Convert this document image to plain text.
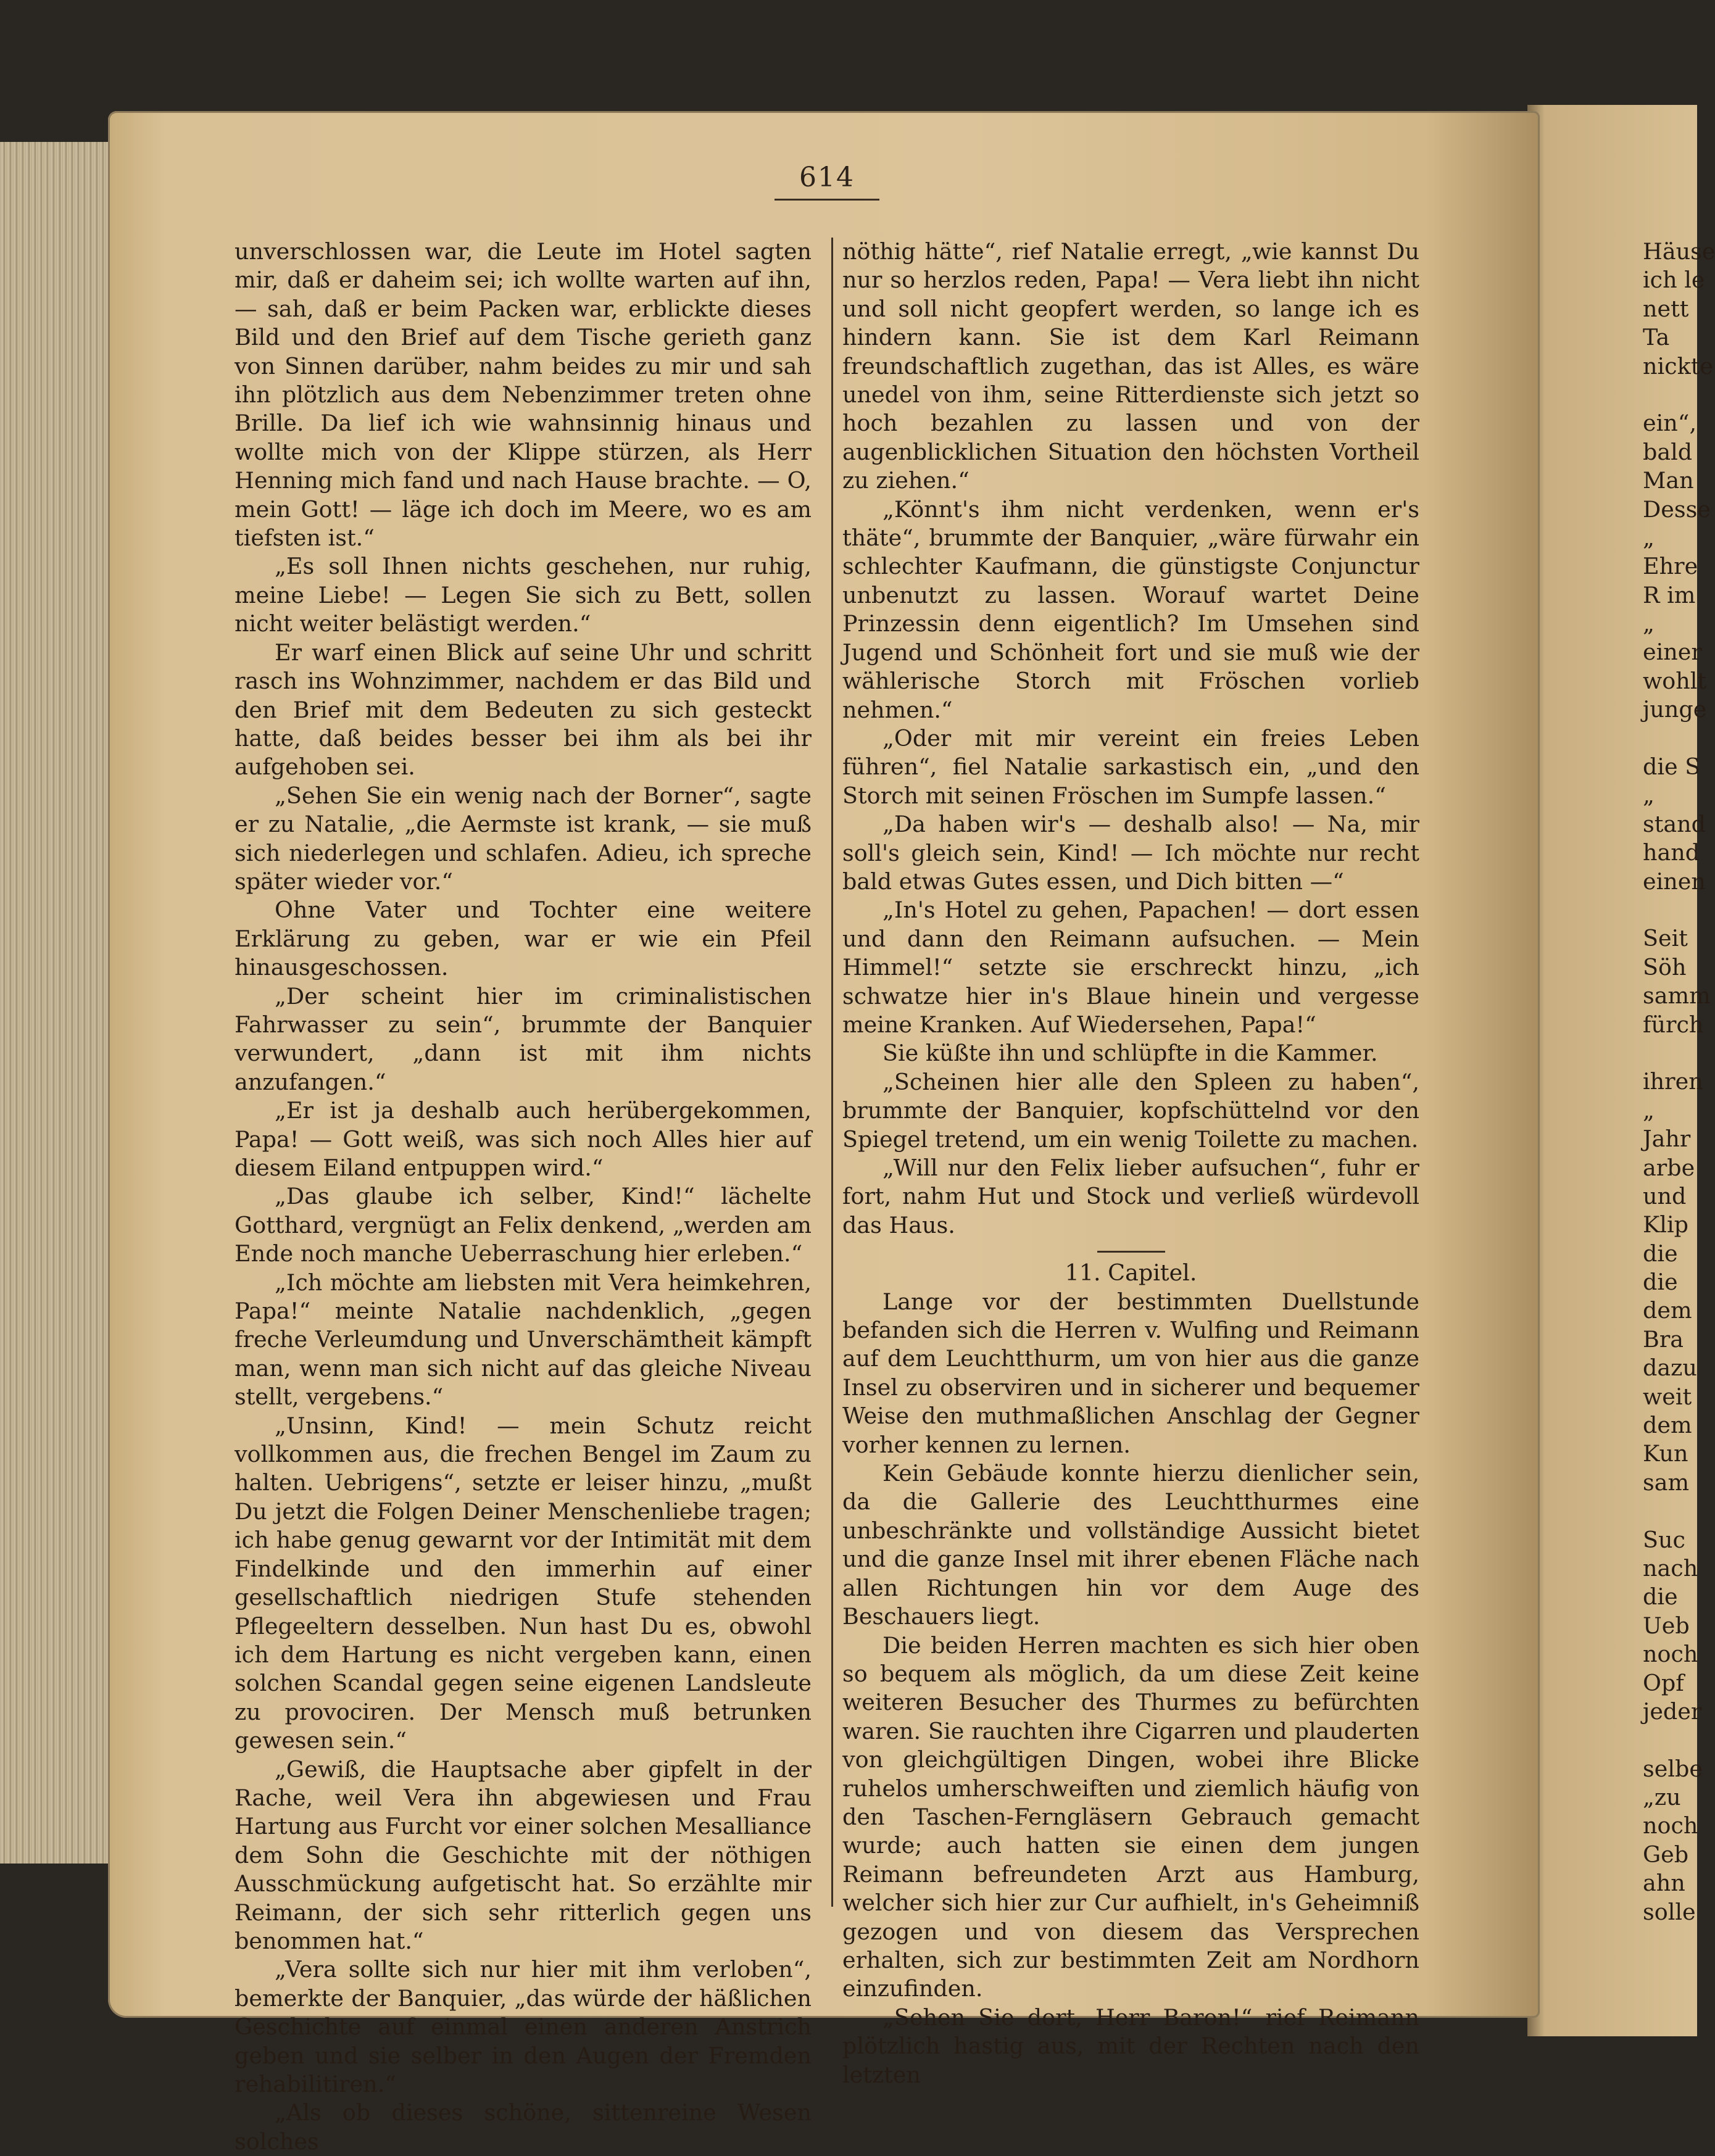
614

unverschlossen war, die Leute im Hotel sagten mir, daß er daheim sei; ich wollte warten auf ihn, — sah, daß er beim Packen war, erblickte dieses Bild und den Brief auf dem Tische gerieth ganz von Sinnen darüber, nahm beides zu mir und sah ihn plötzlich aus dem Nebenzimmer treten ohne Brille. Da lief ich wie wahnsinnig hinaus und wollte mich von der Klippe stürzen, als Herr Henning mich fand und nach Hause brachte. — O, mein Gott! — läge ich doch im Meere, wo es am tiefsten ist.“

„Es soll Ihnen nichts geschehen, nur ruhig, meine Liebe! — Legen Sie sich zu Bett, sollen nicht weiter belästigt werden.“

Er warf einen Blick auf seine Uhr und schritt rasch ins Wohnzimmer, nachdem er das Bild und den Brief mit dem Bedeuten zu sich gesteckt hatte, daß beides besser bei ihm als bei ihr aufgehoben sei.

„Sehen Sie ein wenig nach der Borner“, sagte er zu Natalie, „die Aermste ist krank, — sie muß sich niederlegen und schlafen. Adieu, ich spreche später wieder vor.“

Ohne Vater und Tochter eine weitere Erklärung zu geben, war er wie ein Pfeil hinausgeschossen.

„Der scheint hier im criminalistischen Fahrwasser zu sein“, brummte der Banquier verwundert, „dann ist mit ihm nichts anzufangen.“

„Er ist ja deshalb auch herübergekommen, Papa! — Gott weiß, was sich noch Alles hier auf diesem Eiland entpuppen wird.“

„Das glaube ich selber, Kind!“ lächelte Gotthard, vergnügt an Felix denkend, „werden am Ende noch manche Ueberraschung hier erleben.“

„Ich möchte am liebsten mit Vera heimkehren, Papa!“ meinte Natalie nachdenklich, „gegen freche Verleumdung und Unverschämtheit kämpft man, wenn man sich nicht auf das gleiche Niveau stellt, vergebens.“

„Unsinn, Kind! — mein Schutz reicht vollkommen aus, die frechen Bengel im Zaum zu halten. Uebrigens“, setzte er leiser hinzu, „mußt Du jetzt die Folgen Deiner Menschenliebe tragen; ich habe genug gewarnt vor der Intimität mit dem Findelkinde und den immerhin auf einer gesellschaftlich niedrigen Stufe stehenden Pflegeeltern desselben. Nun hast Du es, obwohl ich dem Hartung es nicht vergeben kann, einen solchen Scandal gegen seine eigenen Landsleute zu provociren. Der Mensch muß betrunken gewesen sein.“

„Gewiß, die Hauptsache aber gipfelt in der Rache, weil Vera ihn abgewiesen und Frau Hartung aus Furcht vor einer solchen Mesalliance dem Sohn die Geschichte mit der nöthigen Ausschmückung aufgetischt hat. So erzählte mir Reimann, der sich sehr ritterlich gegen uns benommen hat.“

„Vera sollte sich nur hier mit ihm verloben“, bemerkte der Banquier, „das würde der häßlichen Geschichte auf einmal einen anderen Anstrich geben und sie selber in den Augen der Fremden rehabilitiren.“

„Als ob dieses schöne, sittenreine Wesen solches

nöthig hätte“, rief Natalie erregt, „wie kannst Du nur so herzlos reden, Papa! — Vera liebt ihn nicht und soll nicht geopfert werden, so lange ich es hindern kann. Sie ist dem Karl Reimann freundschaftlich zugethan, das ist Alles, es wäre unedel von ihm, seine Ritterdienste sich jetzt so hoch bezahlen zu lassen und von der augenblicklichen Situation den höchsten Vortheil zu ziehen.“

„Könnt's ihm nicht verdenken, wenn er's thäte“, brummte der Banquier, „wäre fürwahr ein schlechter Kaufmann, die günstigste Conjunctur unbenutzt zu lassen. Worauf wartet Deine Prinzessin denn eigentlich? Im Umsehen sind Jugend und Schönheit fort und sie muß wie der wählerische Storch mit Fröschen vorlieb nehmen.“

„Oder mit mir vereint ein freies Leben führen“, fiel Natalie sarkastisch ein, „und den Storch mit seinen Fröschen im Sumpfe lassen.“

„Da haben wir's — deshalb also! — Na, mir soll's gleich sein, Kind! — Ich möchte nur recht bald etwas Gutes essen, und Dich bitten —“

„In's Hotel zu gehen, Papachen! — dort essen und dann den Reimann aufsuchen. — Mein Himmel!“ setzte sie erschreckt hinzu, „ich schwatze hier in's Blaue hinein und vergesse meine Kranken. Auf Wiedersehen, Papa!“

Sie küßte ihn und schlüpfte in die Kammer.

„Scheinen hier alle den Spleen zu haben“, brummte der Banquier, kopfschüttelnd vor den Spiegel tretend, um ein wenig Toilette zu machen.

„Will nur den Felix lieber aufsuchen“, fuhr er fort, nahm Hut und Stock und verließ würdevoll das Haus.

11. Capitel.

Lange vor der bestimmten Duellstunde befanden sich die Herren v. Wulfing und Reimann auf dem Leuchtthurm, um von hier aus die ganze Insel zu observiren und in sicherer und bequemer Weise den muthmaßlichen Anschlag der Gegner vorher kennen zu lernen.

Kein Gebäude konnte hierzu dienlicher sein, da die Gallerie des Leuchtthurmes eine unbeschränkte und vollständige Aussicht bietet und die ganze Insel mit ihrer ebenen Fläche nach allen Richtungen hin vor dem Auge des Beschauers liegt.

Die beiden Herren machten es sich hier oben so bequem als möglich, da um diese Zeit keine weiteren Besucher des Thurmes zu befürchten waren. Sie rauchten ihre Cigarren und plauderten von gleichgültigen Dingen, wobei ihre Blicke ruhelos umherschweiften und ziemlich häufig von den Taschen-Ferngläsern Gebrauch gemacht wurde; auch hatten sie einen dem jungen Reimann befreundeten Arzt aus Hamburg, welcher sich hier zur Cur aufhielt, in's Geheimniß gezogen und von diesem das Versprechen erhalten, sich zur bestimmten Zeit am Nordhorn einzufinden.

„Sehen Sie dort, Herr Baron!“ rief Reimann plötzlich hastig aus, mit der Rechten nach den letzten

Häuse
ich le
nett
Ta
nickte
ein“,
bald
Man
Desse
„
Ehre
R im
„
einer
wohlt
junge
die S
„
stand
hand
einen
Seit
Söh
samm
fürch
ihren
„
Jahr
arbe
und
Klip
die
die
dem
Bra
dazu
weit
dem
Kun
sam
Suc
nach
die
Ueb
noch
Opf
jeder
selbe
„zu
noch
Geb
ahn
solle
